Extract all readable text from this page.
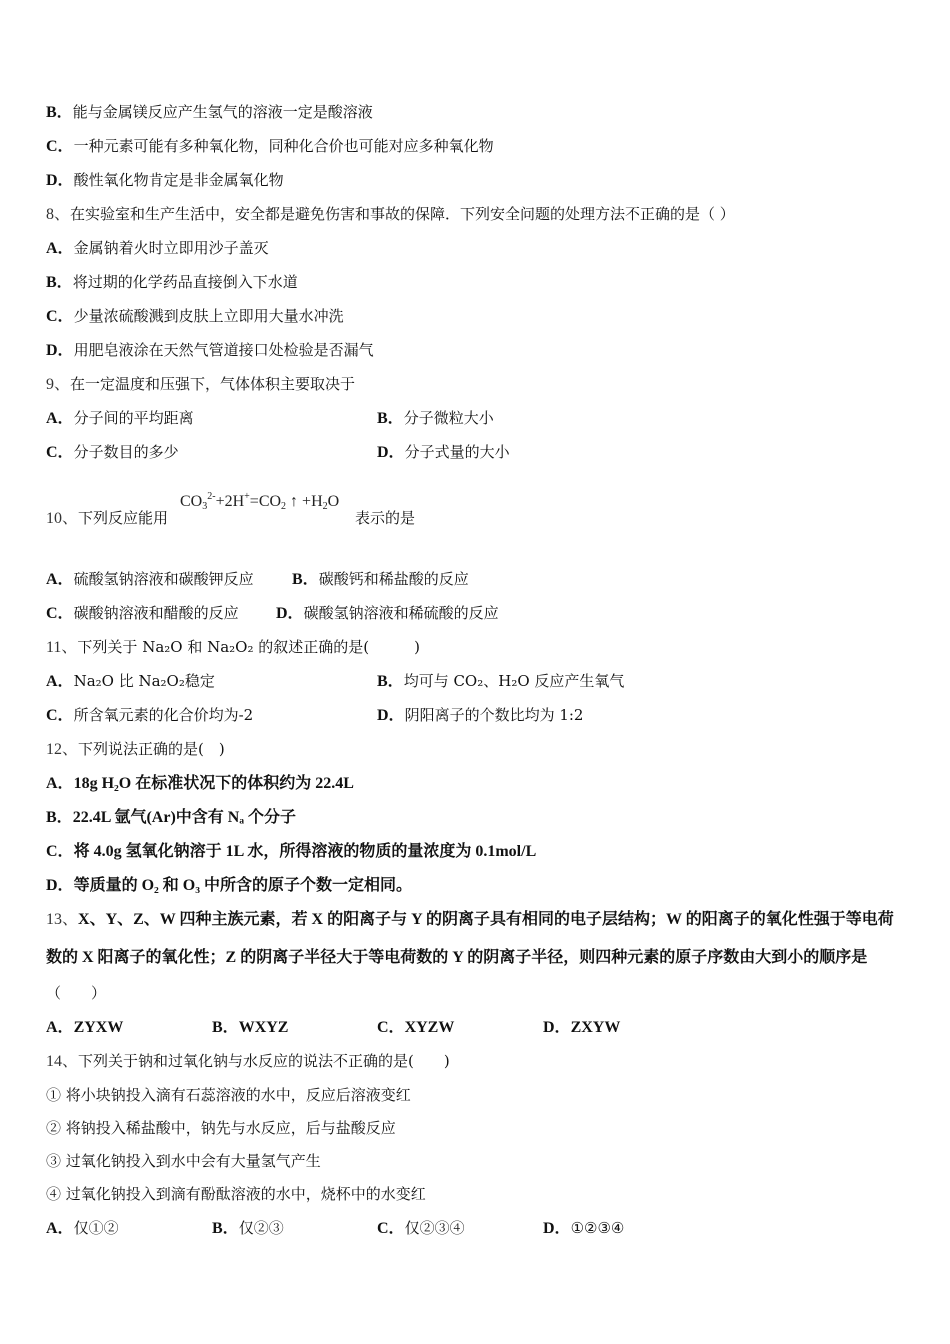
B．能与金属镁反应产生氢气的溶液一定是酸溶液
C．一种元素可能有多种氧化物，同种化合价也可能对应多种氧化物
D．酸性氧化物肯定是非金属氧化物
8、在实验室和生产生活中，安全都是避免伤害和事故的保障．下列安全问题的处理方法不正确的是（ ）
A．金属钠着火时立即用沙子盖灭
B．将过期的化学药品直接倒入下水道
C．少量浓硫酸溅到皮肤上立即用大量水冲洗
D．用肥皂液涂在天然气管道接口处检验是否漏气
9、在一定温度和压强下，气体体积主要取决于
A．分子间的平均距离	B．分子微粒大小
C．分子数目的多少	D．分子式量的大小
$CO_3^{2-}+2H^+=CO_2$ ↑ $+H_2O$
10、下列反应能用	表示的是
A．硫酸氢钠溶液和碳酸钾反应 B．碳酸钙和稀盐酸的反应
C．碳酸钠溶液和醋酸的反应 D．碳酸氢钠溶液和稀硫酸的反应
11、下列关于 Na₂O 和 Na₂O₂ 的叙述正确的是(　　　)
A．Na₂O 比 Na₂O₂稳定	B．均可与 CO₂、H₂O 反应产生氧气
C．所含氧元素的化合价均为-2	D．阴阳离子的个数比均为 1:2
12、下列说法正确的是(　)
A．18g H₂O 在标准状况下的体积约为 22.4L
B．22.4L 氩气(Ar)中含有 Nₐ 个分子
C．将 4.0g 氢氧化钠溶于 1L 水，所得溶液的物质的量浓度为 0.1mol/L
D．等质量的 O₂ 和 O₃ 中所含的原子个数一定相同。
13、X、Y、Z、W 四种主族元素，若 X 的阳离子与 Y 的阴离子具有相同的电子层结构；W 的阳离子的氧化性强于等电荷
数的 X 阳离子的氧化性；Z 的阴离子半径大于等电荷数的 Y 的阴离子半径，则四种元素的原子序数由大到小的顺序是
（　　）
A．ZYXW	B．WXYZ	C．XYZW	D．ZXYW
14、下列关于钠和过氧化钠与水反应的说法不正确的是(　　)
① 将小块钠投入滴有石蕊溶液的水中，反应后溶液变红
② 将钠投入稀盐酸中，钠先与水反应，后与盐酸反应
③ 过氧化钠投入到水中会有大量氢气产生
④ 过氧化钠投入到滴有酚酞溶液的水中，烧杯中的水变红
A．仅①②	B．仅②③	C．仅②③④	D．①②③④
